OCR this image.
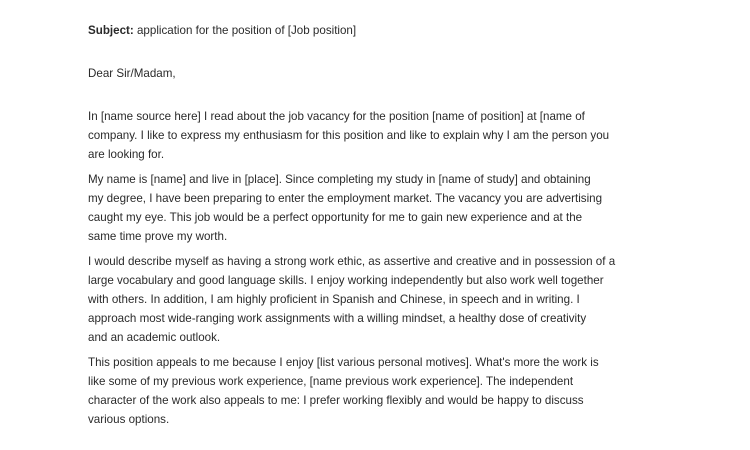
Subject: application for the position of [Job position]

Dear Sir/Madam,

In [name source here] I read about the job vacancy for the position [name of position] at [name of
company. I like to express my enthusiasm for this position and like to explain why I am the person you
are looking for.

My name is [name] and live in [place]. Since completing my study in [name of study] and obtaining
my degree, I have been preparing to enter the employment market. The vacancy you are advertising
caught my eye. This job would be a perfect opportunity for me to gain new experience and at the
same time prove my worth.

I would describe myself as having a strong work ethic, as assertive and creative and in possession of a
large vocabulary and good language skills. I enjoy working independently but also work well together
with others. In addition, I am highly proficient in Spanish and Chinese, in speech and in writing. I
approach most wide-ranging work assignments with a willing mindset, a healthy dose of creativity
and an academic outlook.

This position appeals to me because I enjoy [list various personal motives]. What's more the work is
like some of my previous work experience, [name previous work experience]. The independent
character of the work also appeals to me: I prefer working flexibly and would be happy to discuss
various options.
